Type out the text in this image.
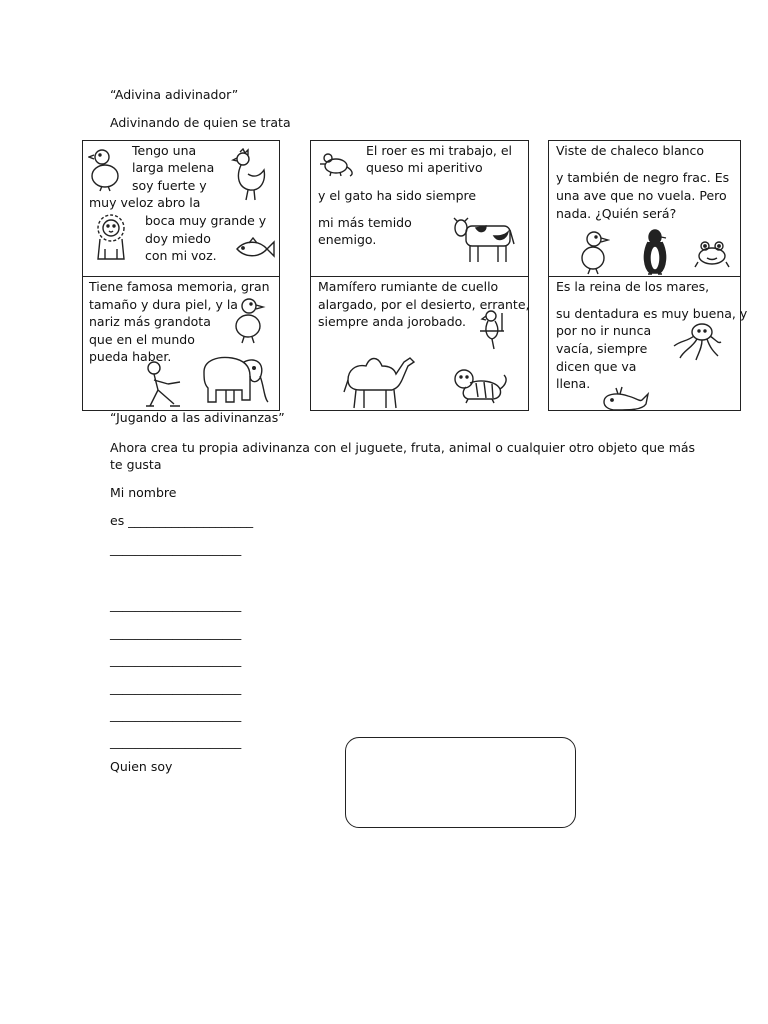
“Adivina adivinador”
Adivinando de quien se trata
Tengo una
larga melena
soy fuerte y
muy veloz abro la
boca muy grande y
doy miedo
con mi voz.
El roer es mi trabajo, el
queso mi aperitivo
y el gato ha sido siempre
mi más temido
enemigo.
Viste de chaleco blanco
y también de negro frac. Es
una ave que no vuela. Pero
nada. ¿Quién será?
Tiene famosa memoria, gran
tamaño y dura piel, y la
nariz más grandota
que en el mundo
pueda haber.
Mamífero rumiante de cuello
alargado, por el desierto, errante,
siempre anda jorobado.
Es la reina de los mares,
su dentadura es muy buena, y
por no ir nunca
vacía, siempre
dicen que va
llena.
“Jugando a las adivinanzas”
Ahora crea tu propia adivinanza con el juguete, fruta, animal o cualquier otro objeto que más
te gusta
Mi nombre
es ____________________
_____________________
_____________________
_____________________
_____________________
_____________________
_____________________
_____________________
Quien soy
